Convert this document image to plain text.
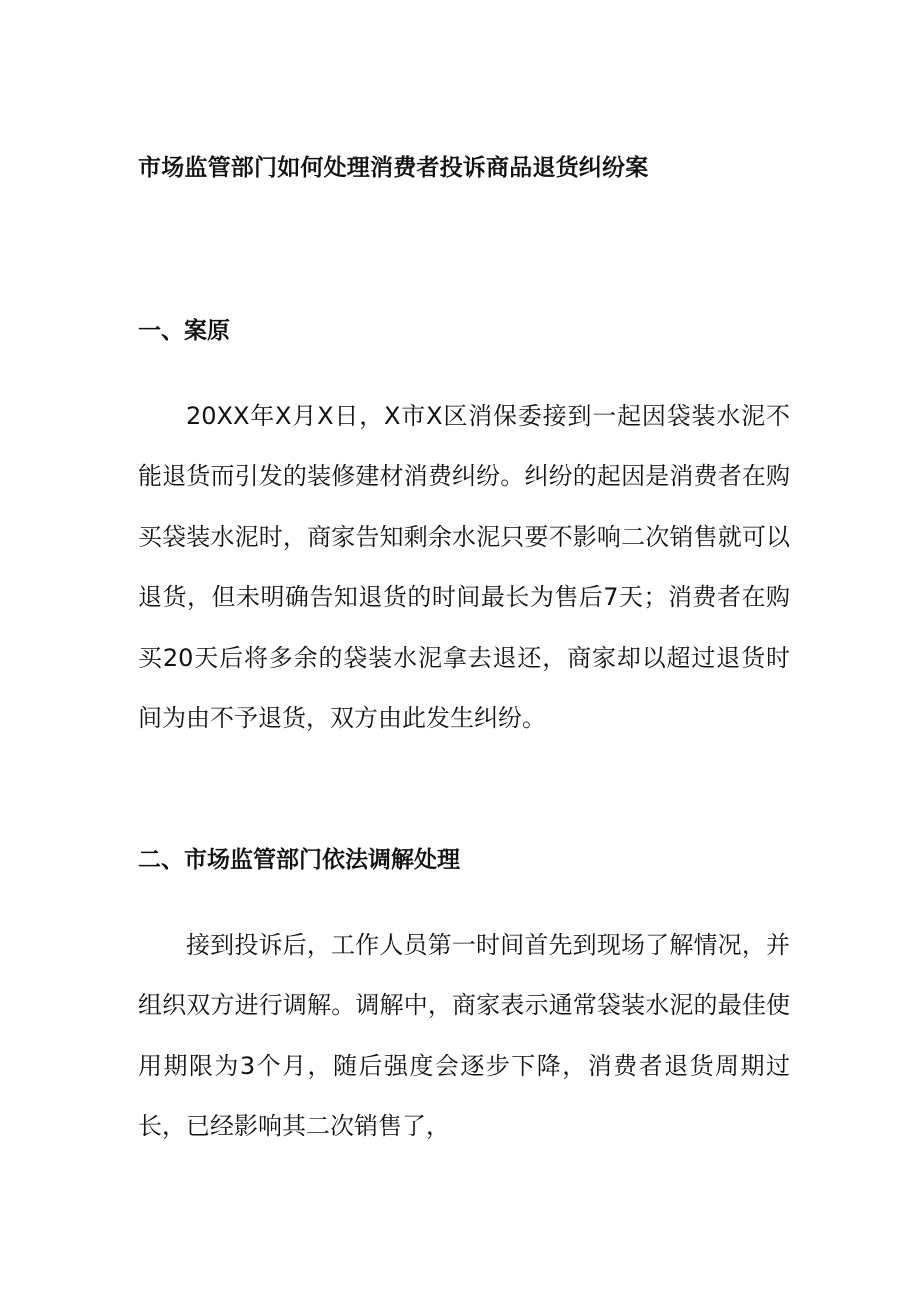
市场监管部门如何处理消费者投诉商品退货纠纷案
一、案原

20XX年X月X日，X市X区消保委接到一起因袋装水泥不能退货而引发的装修建材消费纠纷。纠纷的起因是消费者在购买袋装水泥时，商家告知剩余水泥只要不影响二次销售就可以退货，但未明确告知退货的时间最长为售后7天；消费者在购买20天后将多余的袋装水泥拿去退还，商家却以超过退货时间为由不予退货，双方由此发生纠纷。

二、市场监管部门依法调解处理

接到投诉后，工作人员第一时间首先到现场了解情况，并组织双方进行调解。调解中，商家表示通常袋装水泥的最佳使用期限为3个月，随后强度会逐步下降，消费者退货周期过长，已经影响其二次销售了，
